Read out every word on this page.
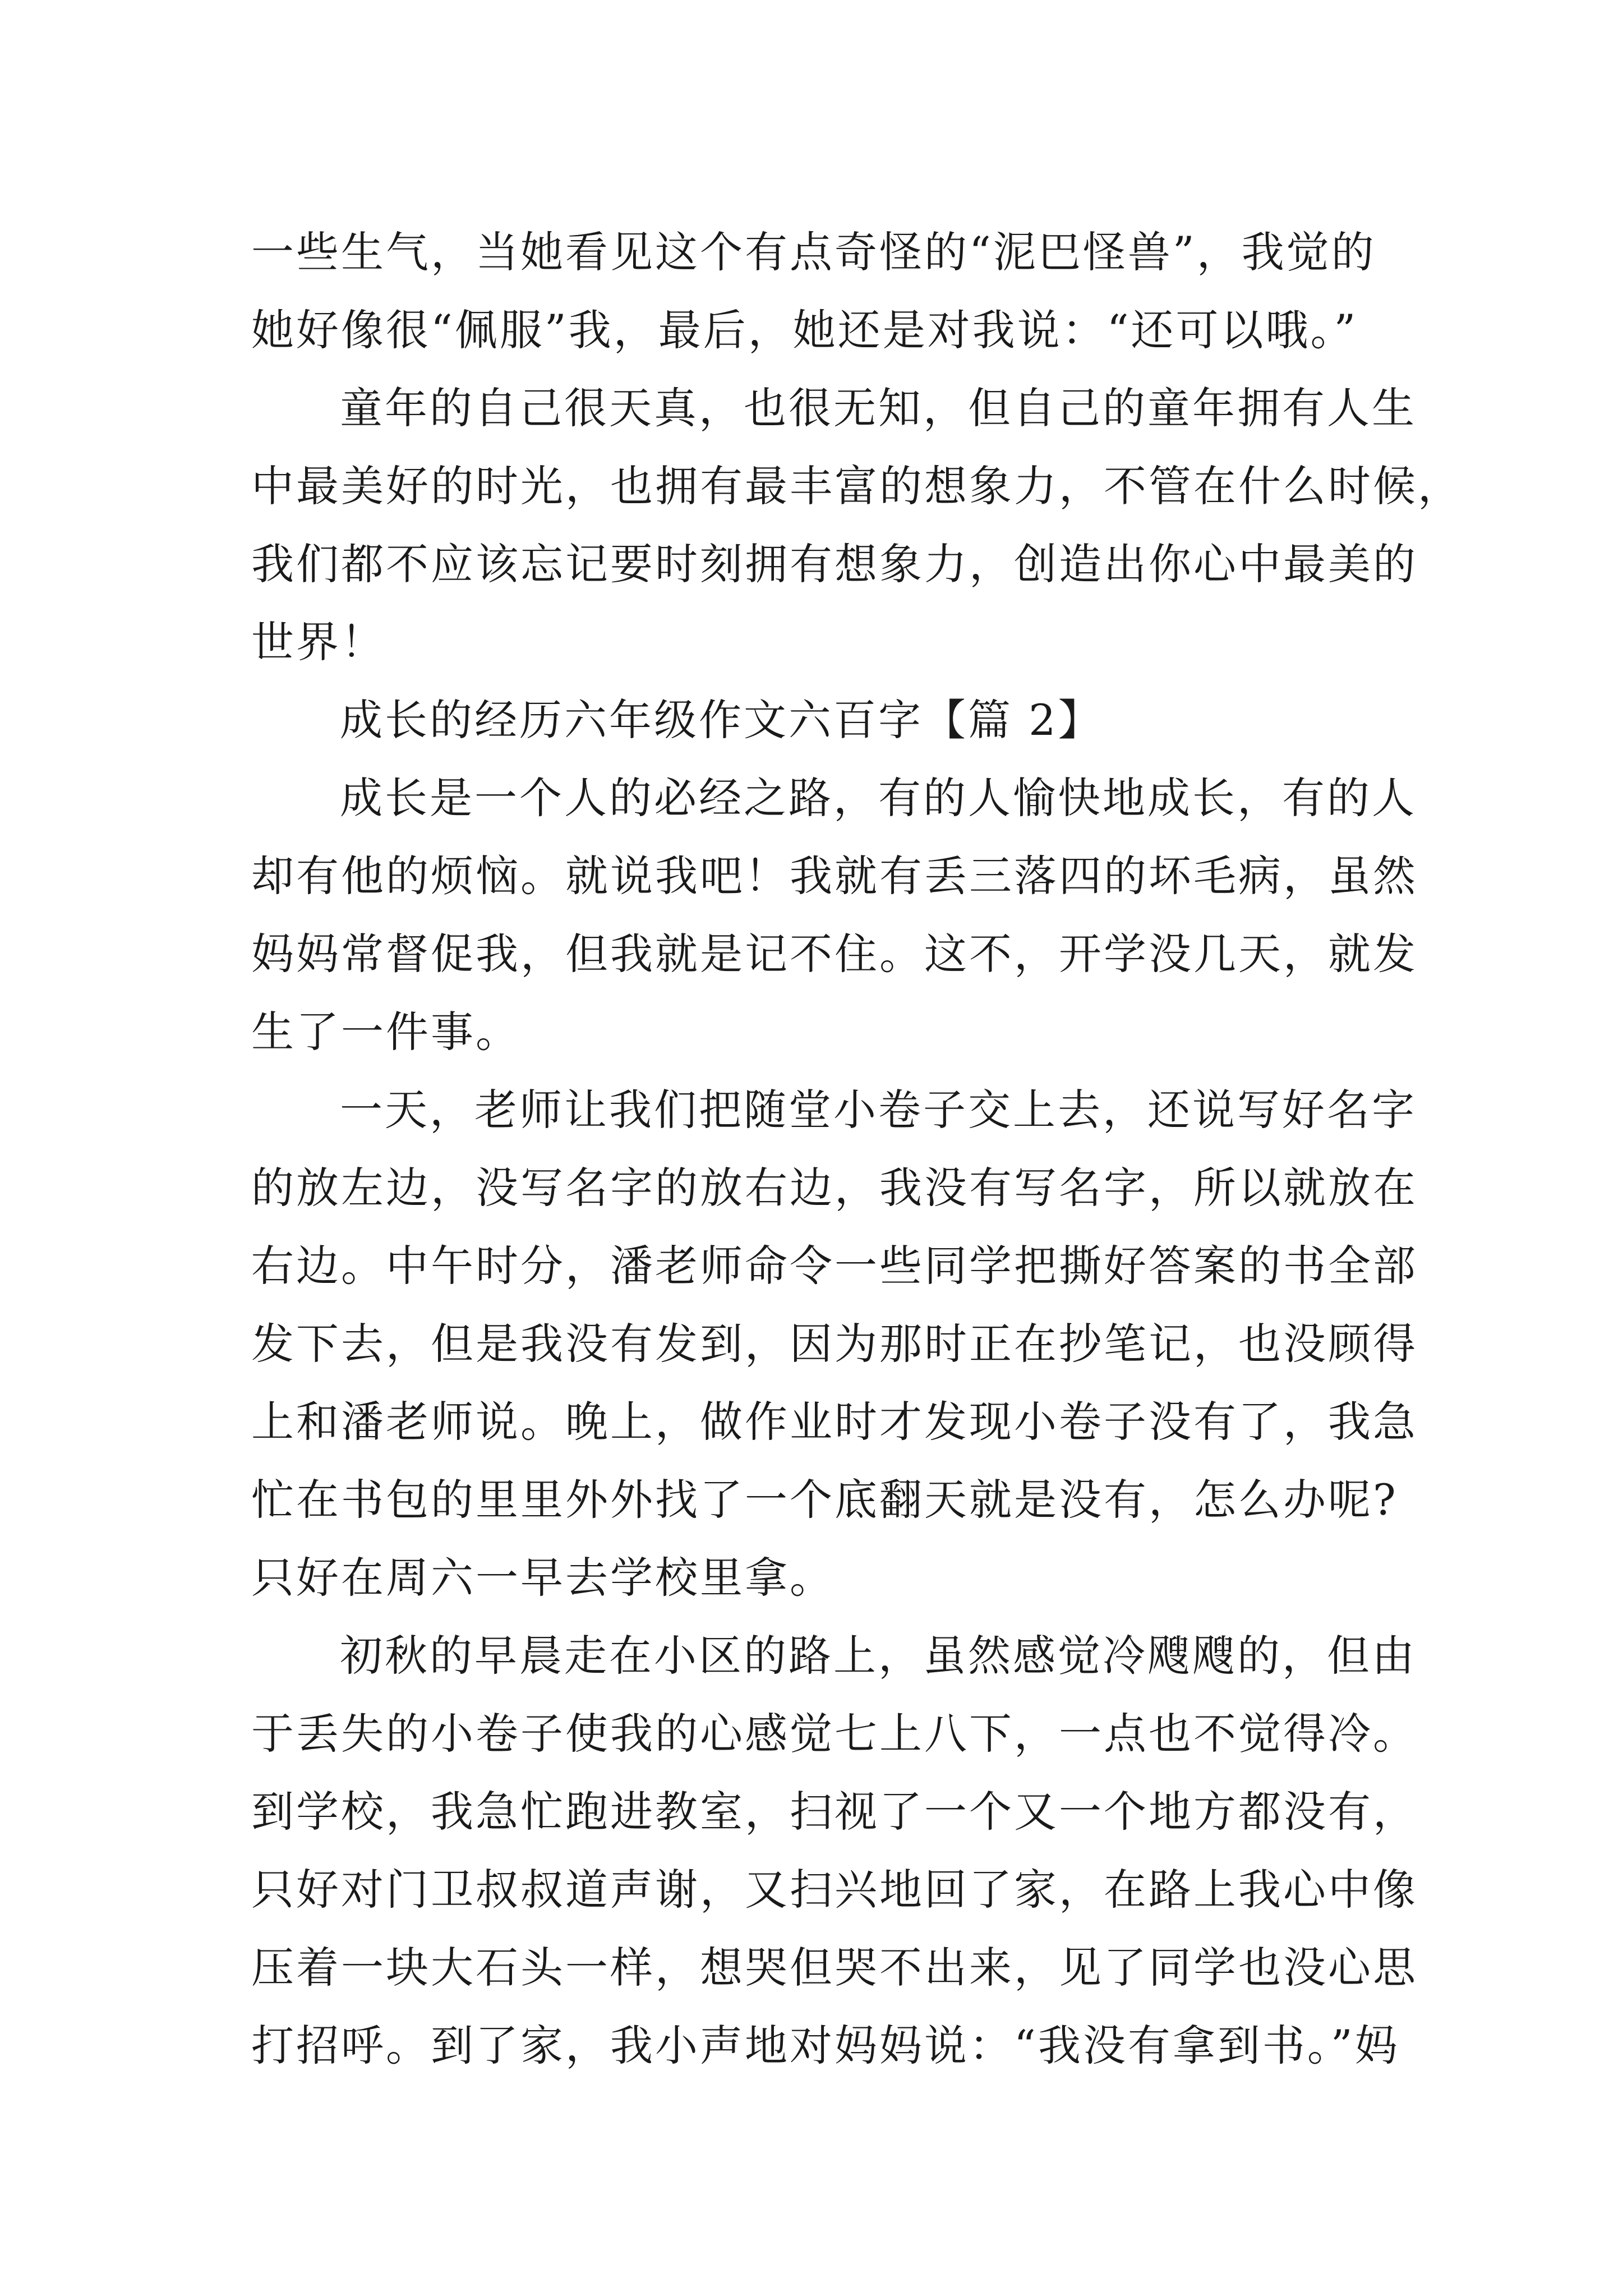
一些生气，当她看见这个有点奇怪的“泥巴怪兽”，我觉的
她好像很“佩服”我，最后，她还是对我说：“还可以哦。”
童年的自己很天真，也很无知，但自己的童年拥有人生
中最美好的时光，也拥有最丰富的想象力，不管在什么时候，
我们都不应该忘记要时刻拥有想象力，创造出你心中最美的
世界！
成长的经历六年级作文六百字【篇 2】
成长是一个人的必经之路，有的人愉快地成长，有的人
却有他的烦恼。就说我吧！我就有丢三落四的坏毛病，虽然
妈妈常督促我，但我就是记不住。这不，开学没几天，就发
生了一件事。
一天，老师让我们把随堂小卷子交上去，还说写好名字
的放左边，没写名字的放右边，我没有写名字，所以就放在
右边。中午时分，潘老师命令一些同学把撕好答案的书全部
发下去，但是我没有发到，因为那时正在抄笔记，也没顾得
上和潘老师说。晚上，做作业时才发现小卷子没有了，我急
忙在书包的里里外外找了一个底翻天就是没有，怎么办呢?
只好在周六一早去学校里拿。
初秋的早晨走在小区的路上，虽然感觉冷飕飕的，但由
于丢失的小卷子使我的心感觉七上八下，一点也不觉得冷。
到学校，我急忙跑进教室，扫视了一个又一个地方都没有，
只好对门卫叔叔道声谢，又扫兴地回了家，在路上我心中像
压着一块大石头一样，想哭但哭不出来，见了同学也没心思
打招呼。到了家，我小声地对妈妈说：“我没有拿到书。”妈
